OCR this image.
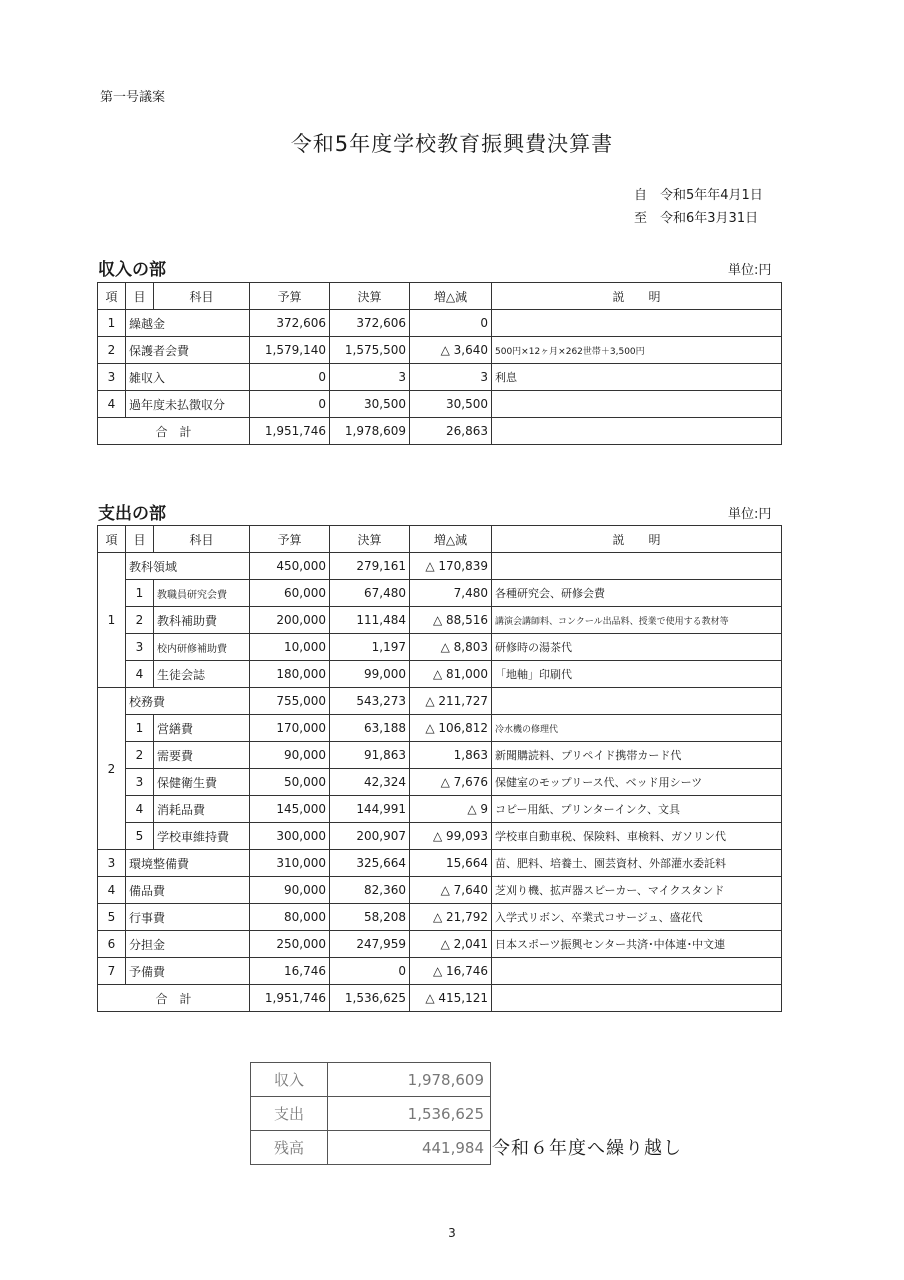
第一号議案
令和5年度学校教育振興費決算書
自　令和5年年4月1日
至　令和6年3月31日
収入の部	単位:円
項	目	科目	予算	決算	増△減	説　　明
1	繰越金		372,606	372,606	0	
2	保護者会費		1,579,140	1,575,500	△ 3,640	500円×12ヶ月×262世帯＋3,500円
3	雑収入		0	3	3	利息
4	過年度未払徴収分		0	30,500	30,500	
合　計			1,951,746	1,978,609	26,863	
支出の部	単位:円
項	目	科目	予算	決算	増△減	説　　明
1	教科領域		450,000	279,161	△ 170,839	
	1	教職員研究会費	60,000	67,480	7,480	各種研究会、研修会費
	2	教科補助費	200,000	111,484	△ 88,516	講演会講師料、コンクール出品料、授業で使用する教材等
	3	校内研修補助費	10,000	1,197	△ 8,803	研修時の湯茶代
	4	生徒会誌	180,000	99,000	△ 81,000	「地軸」印刷代
2	校務費		755,000	543,273	△ 211,727	
	1	営繕費	170,000	63,188	△ 106,812	冷水機の修理代
	2	需要費	90,000	91,863	1,863	新聞購読料、プリペイド携帯カード代
	3	保健衛生費	50,000	42,324	△ 7,676	保健室のモップリース代、ベッド用シーツ
	4	消耗品費	145,000	144,991	△ 9	コピー用紙、プリンターインク、文具
	5	学校車維持費	300,000	200,907	△ 99,093	学校車自動車税、保険料、車検料、ガソリン代
3	環境整備費		310,000	325,664	15,664	苗、肥料、培養土、園芸資材、外部灌水委託料
4	備品費		90,000	82,360	△ 7,640	芝刈り機、拡声器スピーカー、マイクスタンド
5	行事費		80,000	58,208	△ 21,792	入学式リボン、卒業式コサージュ、盛花代
6	分担金		250,000	247,959	△ 2,041	日本スポーツ振興センター共済･中体連･中文連
7	予備費		16,746	0	△ 16,746	
合　計			1,951,746	1,536,625	△ 415,121	
収入	1,978,609
支出	1,536,625
残高	441,984 令和６年度へ繰り越し
3
